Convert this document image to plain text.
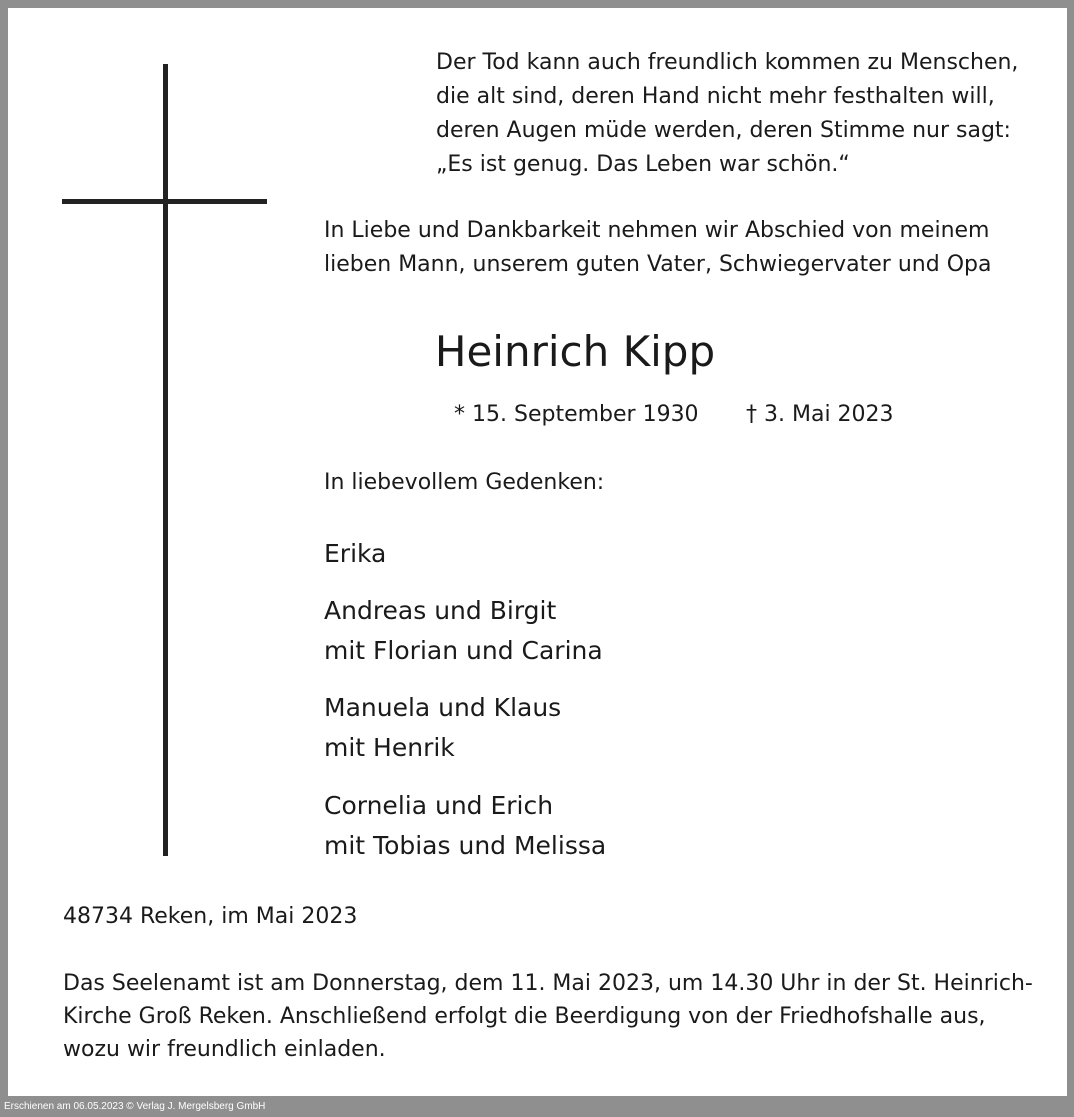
Der Tod kann auch freundlich kommen zu Menschen,
die alt sind, deren Hand nicht mehr festhalten will,
deren Augen müde werden, deren Stimme nur sagt:
„Es ist genug. Das Leben war schön.“
In Liebe und Dankbarkeit nehmen wir Abschied von meinem
lieben Mann, unserem guten Vater, Schwiegervater und Opa
Heinrich Kipp
* 15. September 1930 † 3. Mai 2023
In liebevollem Gedenken:
Erika
Andreas und Birgit
mit Florian und Carina
Manuela und Klaus
mit Henrik
Cornelia und Erich
mit Tobias und Melissa
48734 Reken, im Mai 2023
Das Seelenamt ist am Donnerstag, dem 11. Mai 2023, um 14.30 Uhr in der St. Heinrich-
Kirche Groß Reken. Anschließend erfolgt die Beerdigung von der Friedhofshalle aus,
wozu wir freundlich einladen.
Erschienen am 06.05.2023 © Verlag J. Mergelsberg GmbH
